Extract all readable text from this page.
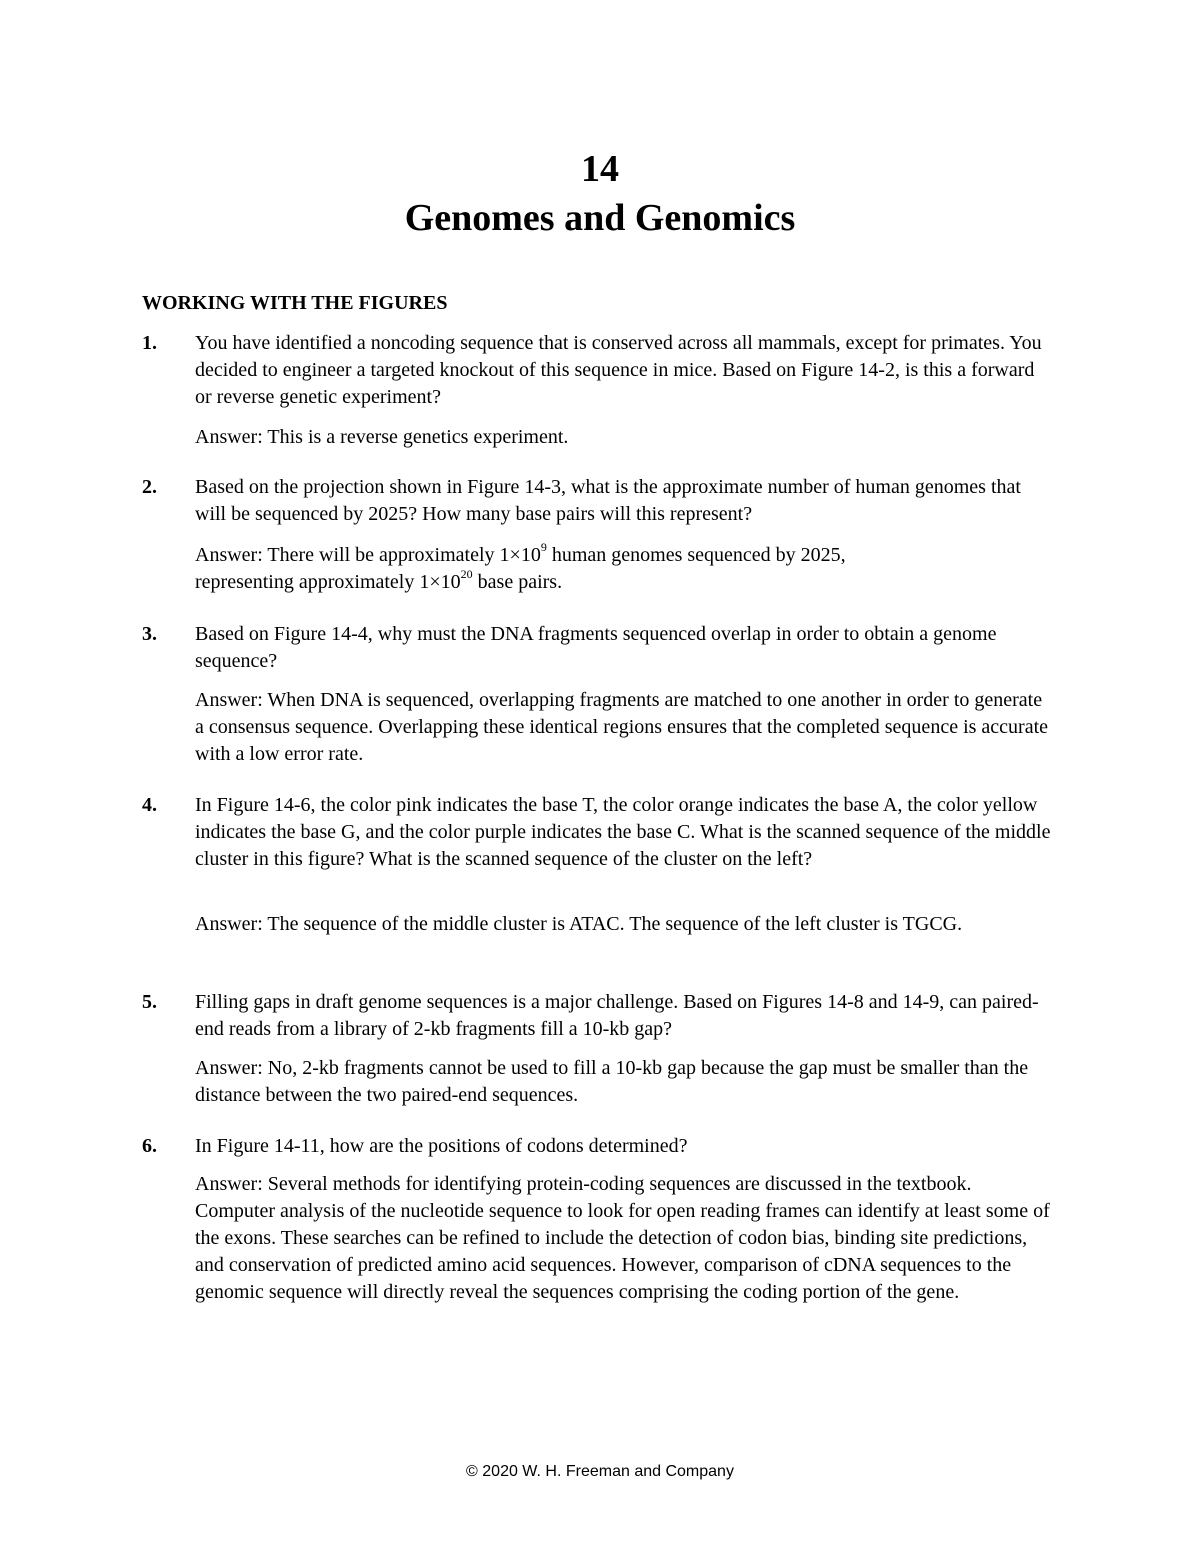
14
Genomes and Genomics
WORKING WITH THE FIGURES
1. You have identified a noncoding sequence that is conserved across all mammals, except for primates. You decided to engineer a targeted knockout of this sequence in mice. Based on Figure 14-2, is this a forward or reverse genetic experiment?
Answer: This is a reverse genetics experiment.
2. Based on the projection shown in Figure 14-3, what is the approximate number of human genomes that will be sequenced by 2025? How many base pairs will this represent?
Answer: There will be approximately $1\times 10^9$ human genomes sequenced by 2025,
representing approximately $1\times 10^{20}$ base pairs.
3. Based on Figure 14-4, why must the DNA fragments sequenced overlap in order to obtain a genome sequence?
Answer: When DNA is sequenced, overlapping fragments are matched to one another in order to generate a consensus sequence. Overlapping these identical regions ensures that the completed sequence is accurate with a low error rate.
4. In Figure 14-6, the color pink indicates the base T, the color orange indicates the base A, the color yellow indicates the base G, and the color purple indicates the base C. What is the scanned sequence of the middle cluster in this figure? What is the scanned sequence of the cluster on the left?
Answer: The sequence of the middle cluster is ATAC. The sequence of the left cluster is TGCG.
5. Filling gaps in draft genome sequences is a major challenge. Based on Figures 14-8 and 14-9, can paired-end reads from a library of 2-kb fragments fill a 10-kb gap?
Answer: No, 2-kb fragments cannot be used to fill a 10-kb gap because the gap must be smaller than the distance between the two paired-end sequences.
6. In Figure 14-11, how are the positions of codons determined?
Answer: Several methods for identifying protein-coding sequences are discussed in the textbook. Computer analysis of the nucleotide sequence to look for open reading frames can identify at least some of the exons. These searches can be refined to include the detection of codon bias, binding site predictions, and conservation of predicted amino acid sequences. However, comparison of cDNA sequences to the genomic sequence will directly reveal the sequences comprising the coding portion of the gene.
© 2020 W. H. Freeman and Company
